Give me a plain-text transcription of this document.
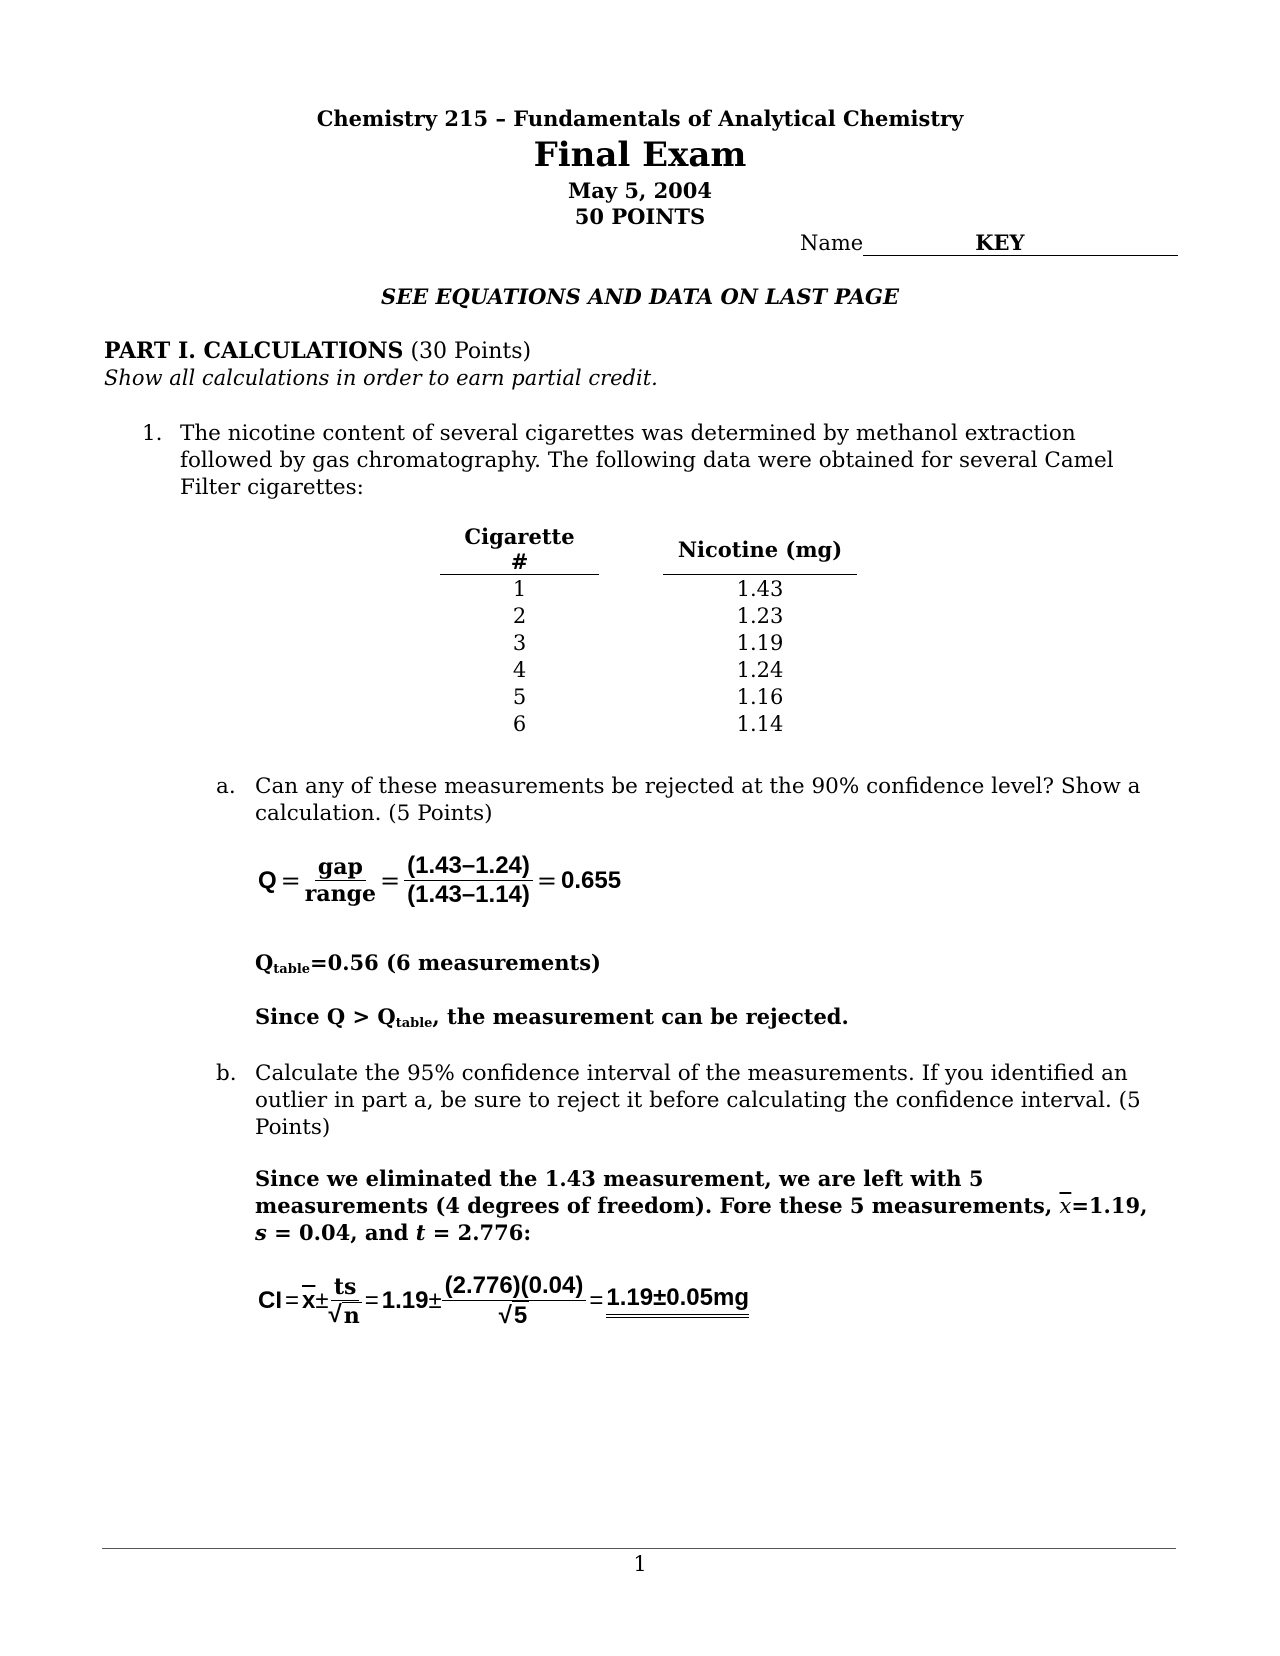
Chemistry 215 – Fundamentals of Analytical Chemistry
Final Exam
May 5, 2004
50 POINTS
Name	KEY
SEE EQUATIONS AND DATA ON LAST PAGE
PART I. CALCULATIONS (30 Points)
Show all calculations in order to earn partial credit.
1. The nicotine content of several cigarettes was determined by methanol extraction followed by gas chromatography. The following data were obtained for several Camel Filter cigarettes:
Cigarette #		Nicotine (mg)
1		1.43
2		1.23
3		1.19
4		1.24
5		1.16
6		1.14
a. Can any of these measurements be rejected at the 90% confidence level? Show a calculation. (5 Points)
$Q = \frac{\text{gap}}{\text{range}} = \frac{(1.43-1.24)}{(1.43-1.14)} = 0.655$
$Q_{table}=0.56$ (6 measurements)
Since $Q > Q_{table}$, the measurement can be rejected.
b. Calculate the 95% confidence interval of the measurements. If you identified an outlier in part a, be sure to reject it before calculating the confidence interval. (5 Points)
Since we eliminated the 1.43 measurement, we are left with 5
measurements (4 degrees of freedom). Fore these 5 measurements, $\overline{x}=1.19$,
s = 0.04, and t = 2.776:
CI = $\overline{x} \pm \frac{ts}{√ n} = 1.19 \pm \frac{(2.776)(0.04)}{√ 5} = 1.19\pm 0.05mg$
1
